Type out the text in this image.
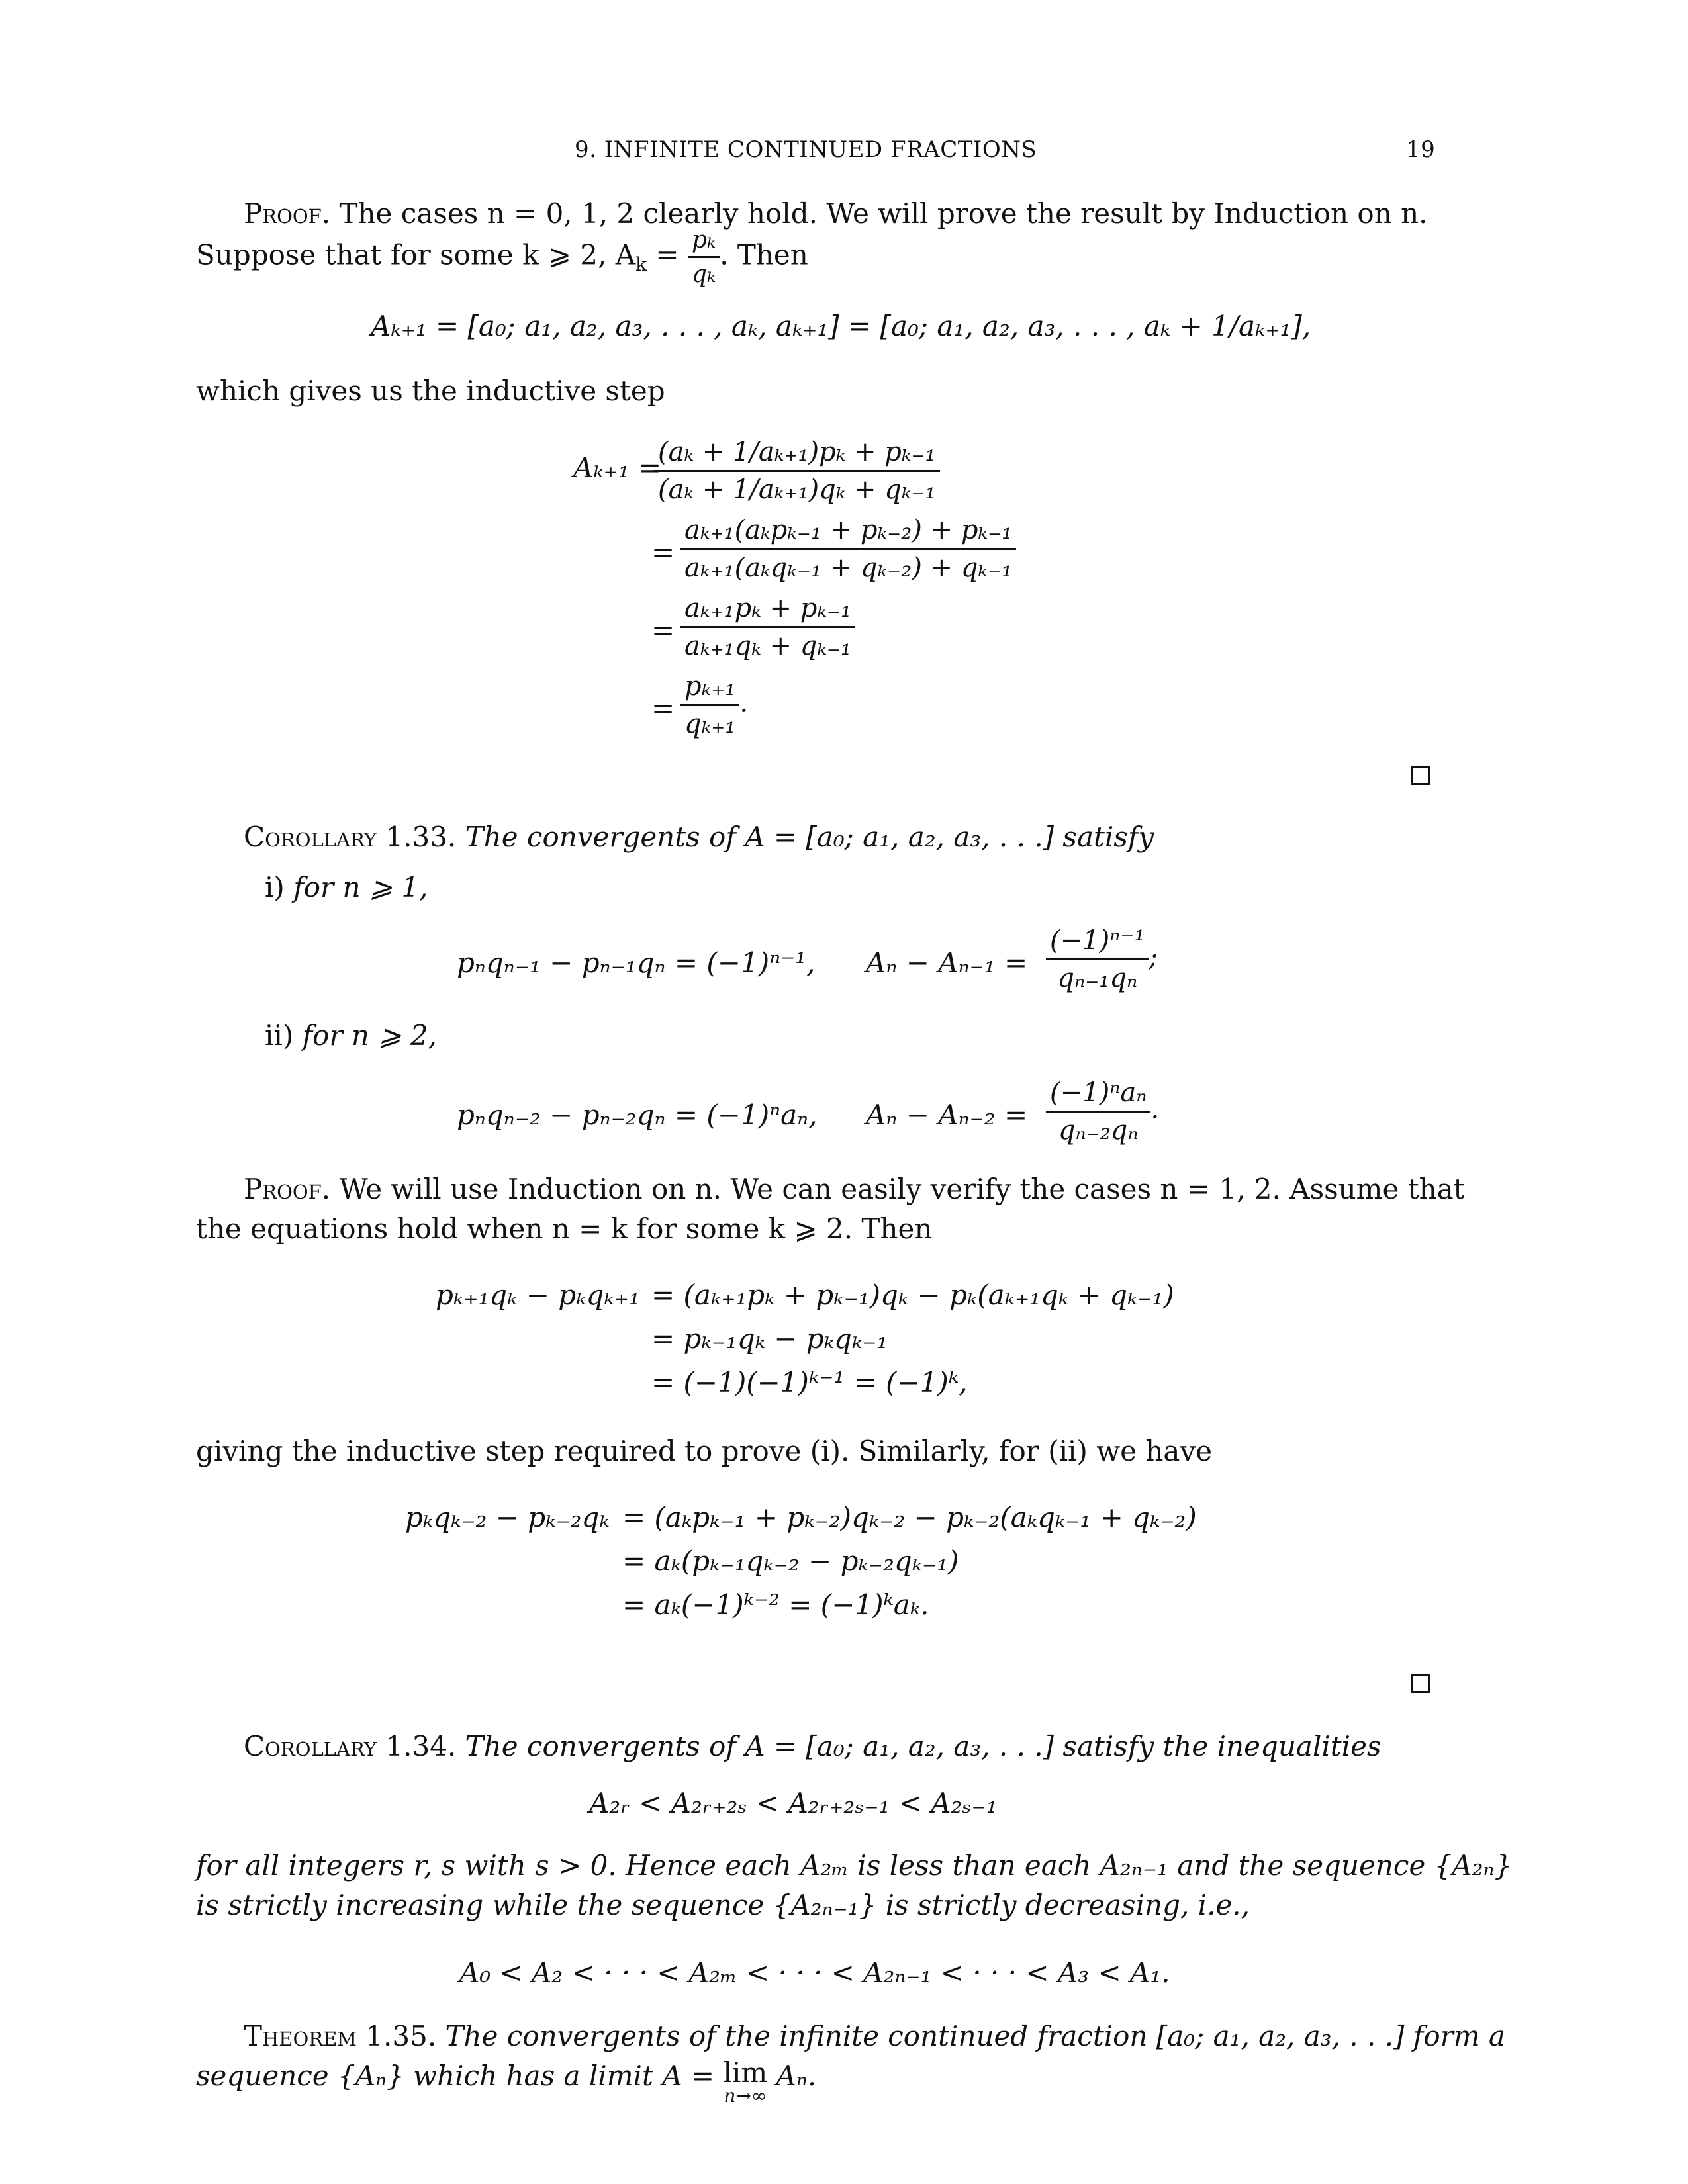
9. INFINITE CONTINUED FRACTIONS	19
Proof. The cases n = 0, 1, 2 clearly hold. We will prove the result by Induction on n.
Suppose that for some k ⩾ 2, $A_k = \frac{\text{pₖ}}{\text{qₖ}}$ . Then
Aₖ₊₁ = [a₀; a₁, a₂, a₃, . . . , aₖ, aₖ₊₁] = [a₀; a₁, a₂, a₃, . . . , aₖ + 1/aₖ₊₁],
which gives us the inductive step
Aₖ₊₁ =
$\frac{\text{(aₖ + 1/aₖ₊₁)pₖ + pₖ₋₁}}{\text{(aₖ + 1/aₖ₊₁)qₖ + qₖ₋₁}}$
= $\frac{\text{aₖ₊₁(aₖpₖ₋₁ + pₖ₋₂) + pₖ₋₁}}{\text{aₖ₊₁(aₖqₖ₋₁ + qₖ₋₂) + qₖ₋₁}}$
= $\frac{\text{aₖ₊₁pₖ + pₖ₋₁}}{\text{aₖ₊₁qₖ + qₖ₋₁}}$
= $\frac{\text{pₖ₊₁}}{\text{qₖ₊₁}}$ .
Corollary 1.33. The convergents of A = [a₀; a₁, a₂, a₃, . . .] satisfy
i) for n ⩾ 1,
pₙqₙ₋₁ − pₙ₋₁qₙ = (−1)ⁿ⁻¹, $A_n - A_{n-1} = \frac{\text{(−1)ⁿ⁻¹}}{\text{qₙ₋₁qₙ}}$ ;
ii) for n ⩾ 2,
pₙqₙ₋₂ − pₙ₋₂qₙ = (−1)ⁿaₙ, $A_n - A_{n-2} = \frac{\text{(−1)ⁿaₙ}}{\text{qₙ₋₂qₙ}}$ .
Proof. We will use Induction on n. We can easily verify the cases n = 1, 2. Assume that
the equations hold when n = k for some k ⩾ 2. Then
pₖ₊₁qₖ − pₖqₖ₊₁ = (aₖ₊₁pₖ + pₖ₋₁)qₖ − pₖ(aₖ₊₁qₖ + qₖ₋₁)
= pₖ₋₁qₖ − pₖqₖ₋₁
= (−1)(−1)ᵏ⁻¹ = (−1)ᵏ,
giving the inductive step required to prove (i). Similarly, for (ii) we have
pₖqₖ₋₂ − pₖ₋₂qₖ = (aₖpₖ₋₁ + pₖ₋₂)qₖ₋₂ − pₖ₋₂(aₖqₖ₋₁ + qₖ₋₂)
= aₖ(pₖ₋₁qₖ₋₂ − pₖ₋₂qₖ₋₁)
= aₖ(−1)ᵏ⁻² = (−1)ᵏaₖ.
Corollary 1.34. The convergents of A = [a₀; a₁, a₂, a₃, . . .] satisfy the inequalities
A₂ᵣ < A₂ᵣ₊₂ₛ < A₂ᵣ₊₂ₛ₋₁ < A₂ₛ₋₁
for all integers r, s with s > 0. Hence each A₂ₘ is less than each A₂ₙ₋₁ and the sequence {A₂ₙ}
is strictly increasing while the sequence {A₂ₙ₋₁} is strictly decreasing, i.e.,
A₀ < A₂ < · · · < A₂ₘ < · · · < A₂ₙ₋₁ < · · · < A₃ < A₁.
Theorem 1.35. The convergents of the infinite continued fraction [a₀; a₁, a₂, a₃, . . .] form a
sequence {Aₙ} which has a limit A = lim
n→∞
Aₙ.
